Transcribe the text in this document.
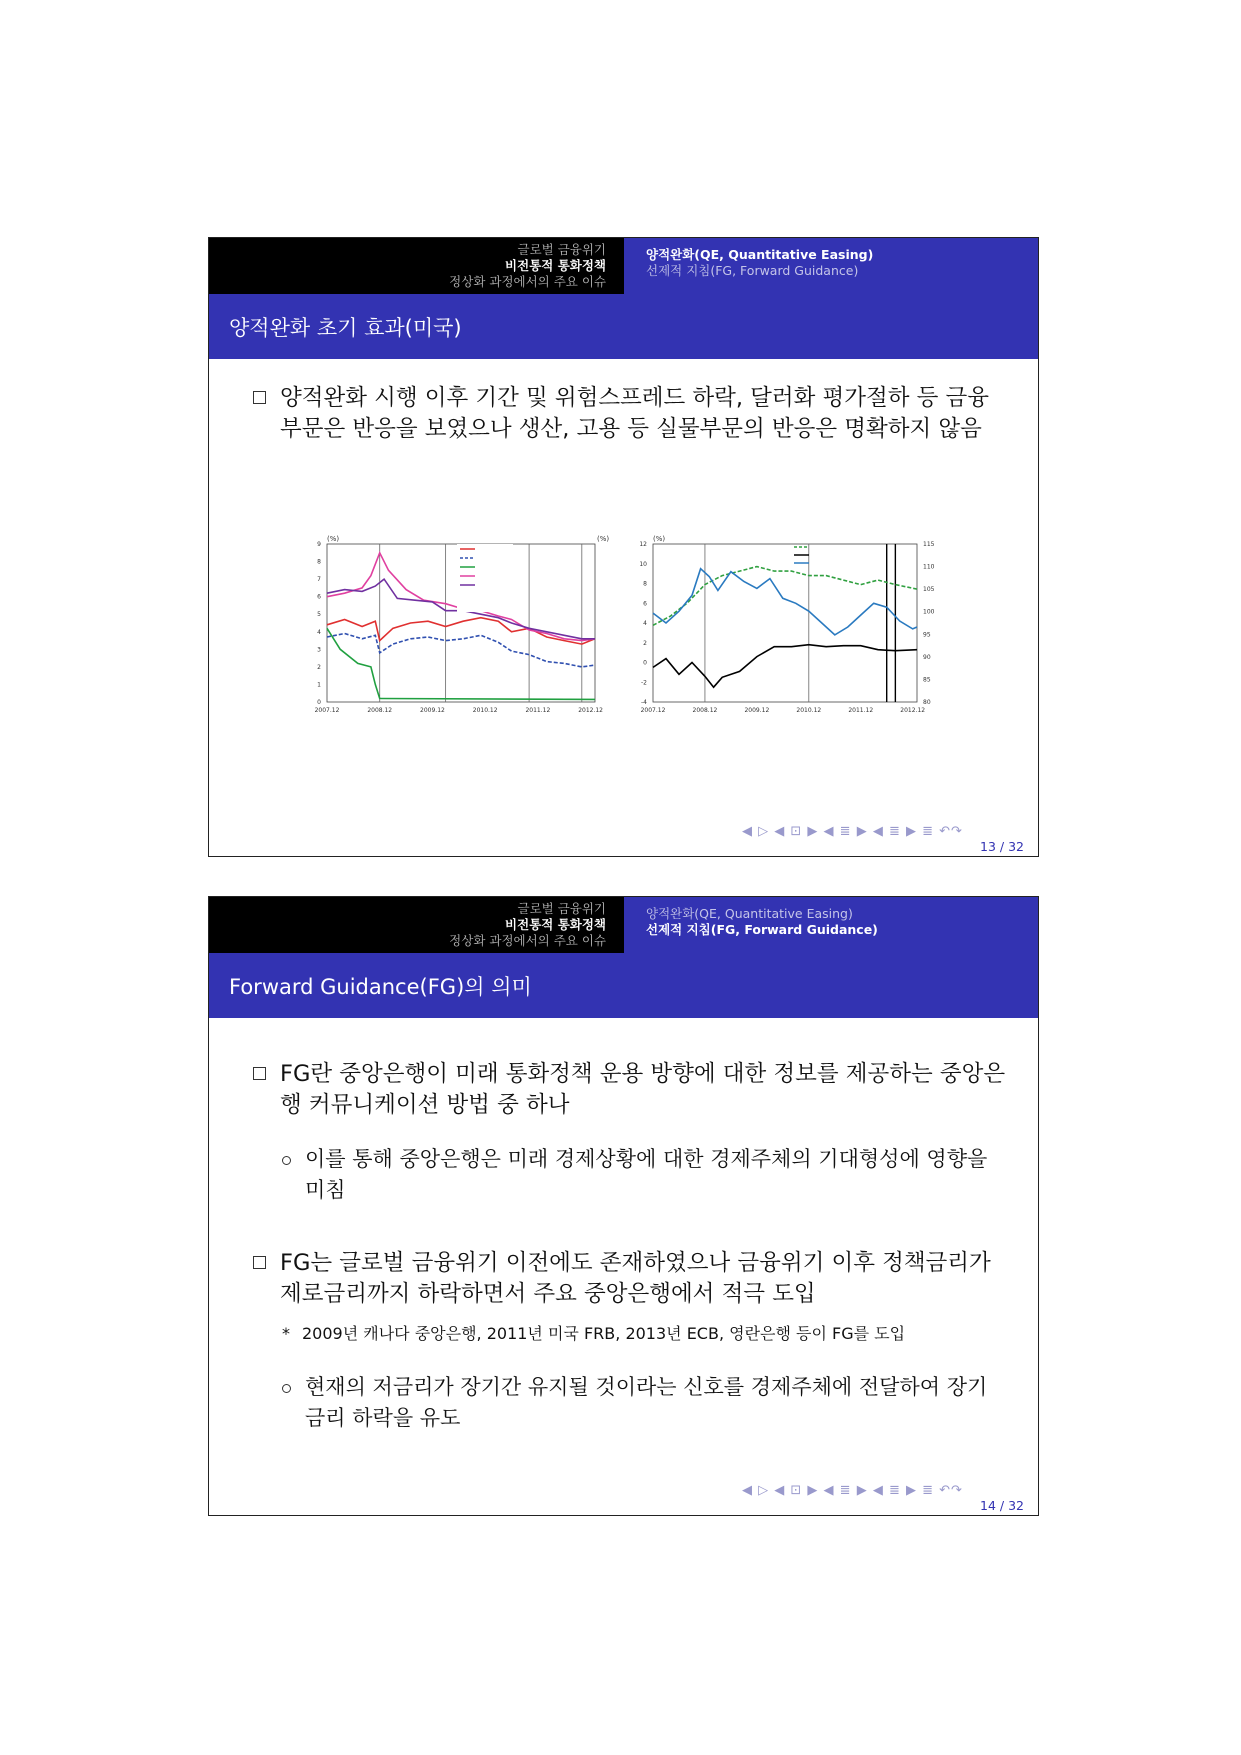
글로벌 금융위기
비전통적 통화정책
정상화 과정에서의 주요 이슈
양적완화(QE, Quantitative Easing)
선제적 지침(FG, Forward Guidance)
양적완화 초기 효과(미국)
양적완화 시행 이후 기간 및 위험스프레드 하락, 달러화 평가절하 등 금융부문은 반응을 보였으나 생산, 고용 등 실물부문의 반응은 명확하지 않음
(%)	(%)
0
1
2
3
4
5
6
7
8
9
2007.12	2008.12	2009.12	2010.12	2011.12	2012.12
(%)
-4
-2
0
2
4
6
8
10
12
80
85
90
95
100
105
110
115
2007.12	2008.12	2009.12	2010.12	2011.12	2012.12
◀ ▷ ◀ ⊡ ▶ ◀ ≣ ▶ ◀ ≣ ▶ ≣ ↶↷
13 / 32
글로벌 금융위기
비전통적 통화정책
정상화 과정에서의 주요 이슈
양적완화(QE, Quantitative Easing)
선제적 지침(FG, Forward Guidance)
Forward Guidance(FG)의 의미
FG란 중앙은행이 미래 통화정책 운용 방향에 대한 정보를 제공하는 중앙은행 커뮤니케이션 방법 중 하나
이를 통해 중앙은행은 미래 경제상황에 대한 경제주체의 기대형성에 영향을 미침
FG는 글로벌 금융위기 이전에도 존재하였으나 금융위기 이후 정책금리가 제로금리까지 하락하면서 주요 중앙은행에서 적극 도입
* 2009년 캐나다 중앙은행, 2011년 미국 FRB, 2013년 ECB, 영란은행 등이 FG를 도입
현재의 저금리가 장기간 유지될 것이라는 신호를 경제주체에 전달하여 장기금리 하락을 유도
◀ ▷ ◀ ⊡ ▶ ◀ ≣ ▶ ◀ ≣ ▶ ≣ ↶↷
14 / 32
